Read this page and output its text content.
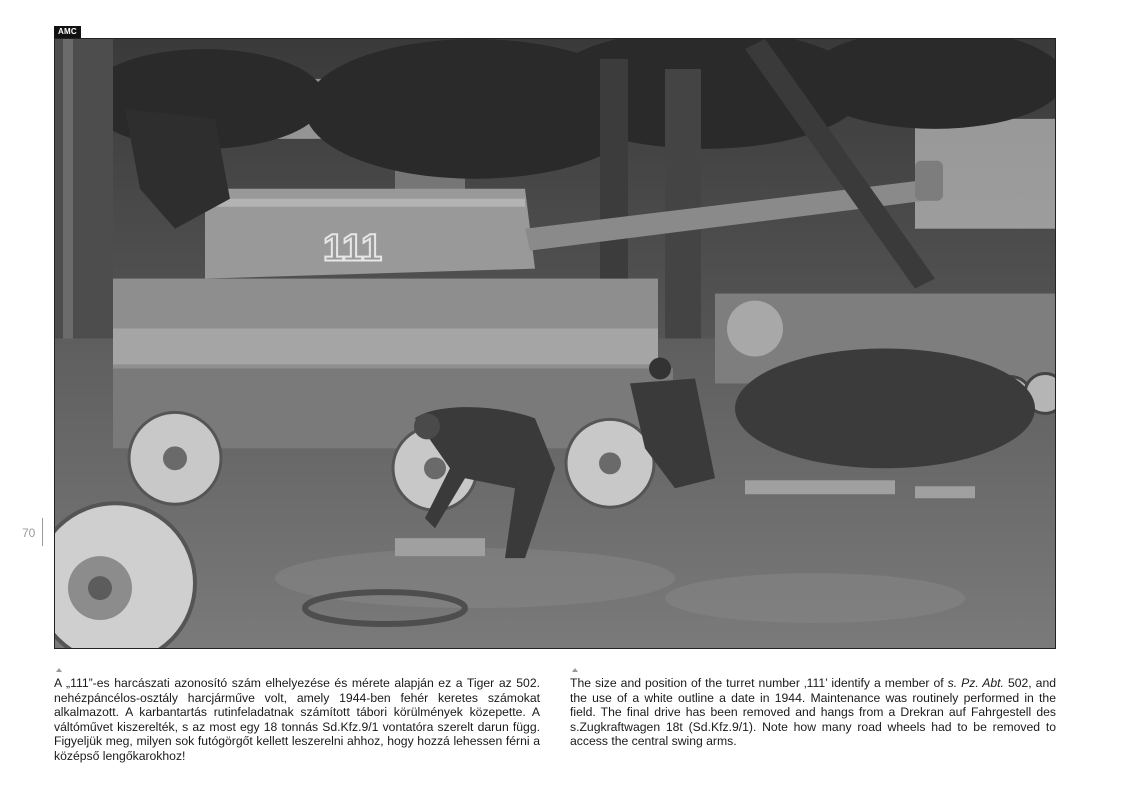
AMC
111
70
A „111”-es harcászati azonosító szám elhelyezése és mérete alapján ez a Tiger az 502. nehézpáncélos-osztály harcjárműve volt, amely 1944-ben fehér keretes számokat alkalmazott. A karbantartás rutinfeladatnak számított tábori körülmények közepette. A váltóművet kiszerelték, s az most egy 18 tonnás Sd.Kfz.9/1 vontatóra szerelt darun függ. Figyeljük meg, milyen sok futógörgőt kellett leszerelni ahhoz, hogy hozzá lehessen férni a középső lengőkarokhoz!
The size and position of the turret number ‚111’ identify a member of s. Pz. Abt. 502, and the use of a white outline a date in 1944. Maintenance was routinely performed in the field. The final drive has been removed and hangs from a Drekran auf Fahrgestell des s.Zugkraftwagen 18t (Sd.Kfz.9/1). Note how many road wheels had to be removed to access the central swing arms.
